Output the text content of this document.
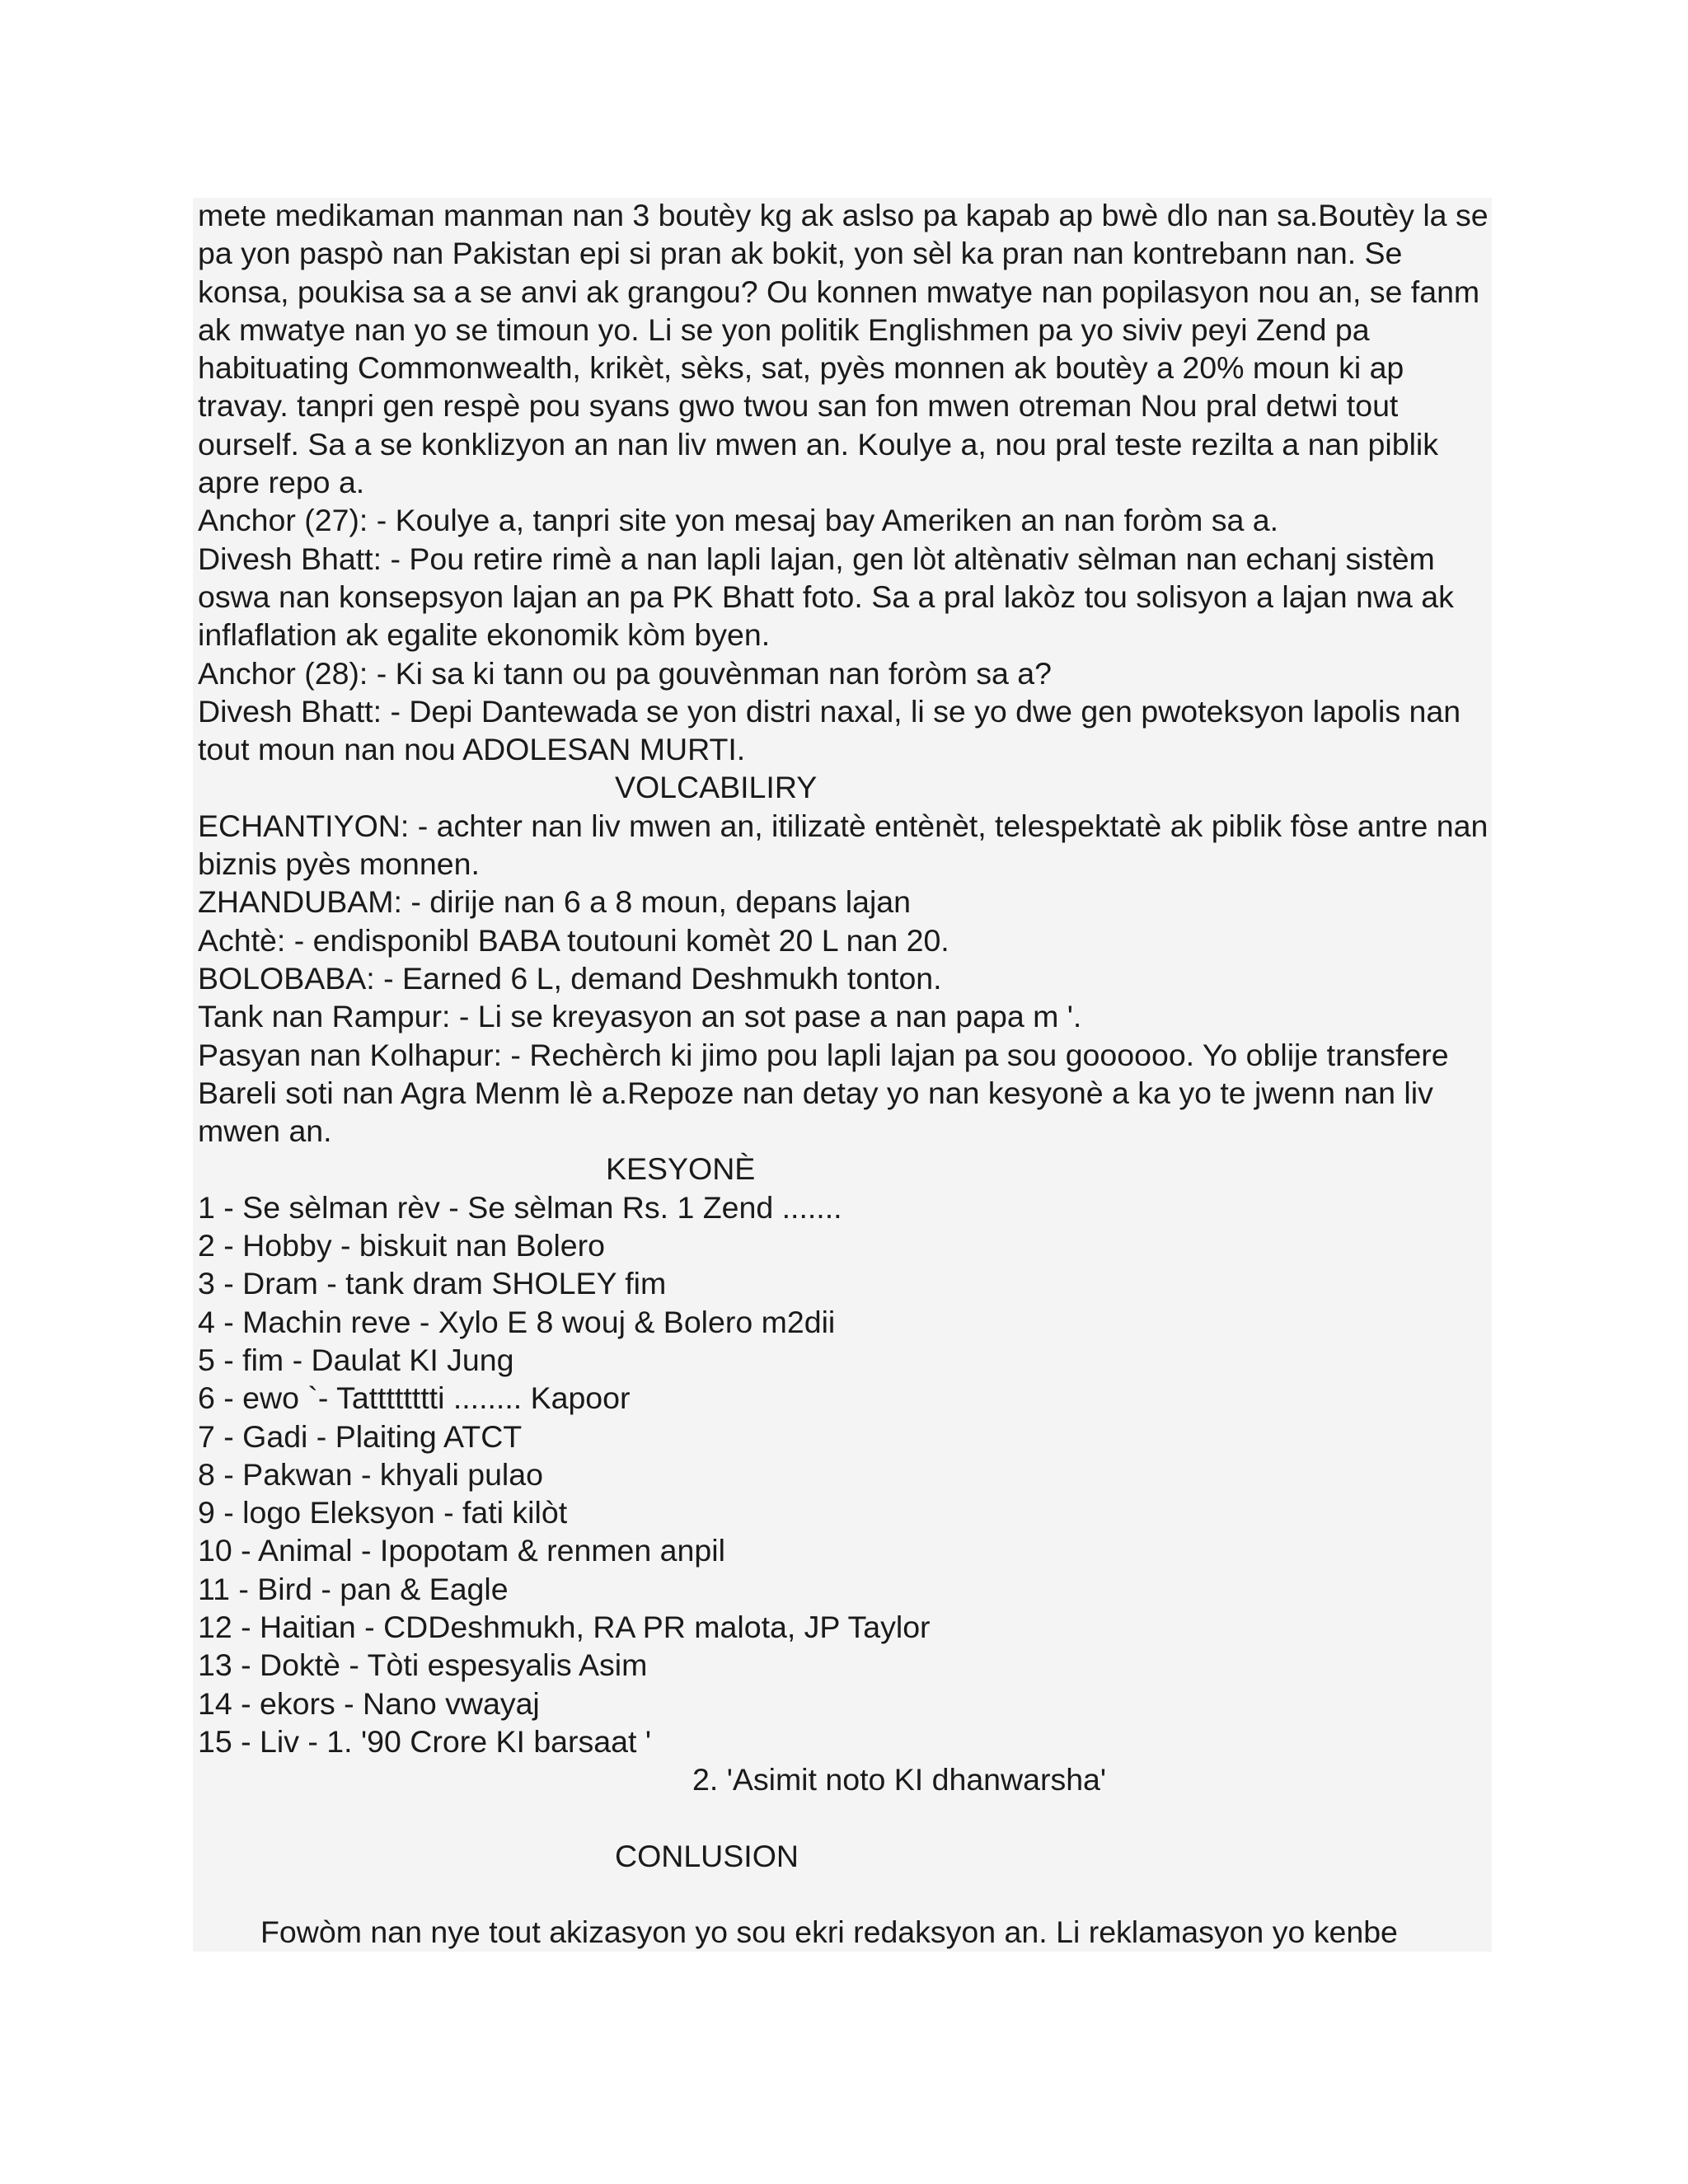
mete medikaman manman nan 3 boutèy kg ak aslso pa kapab ap bwè dlo nan sa.Boutèy la se pa yon paspò nan Pakistan epi si pran ak bokit, yon sèl ka pran nan kontrebann nan. Se konsa, poukisa sa a se anvi ak grangou? Ou konnen mwatye nan popilasyon nou an, se fanm ak mwatye nan yo se timoun yo. Li se yon politik Englishmen pa yo siviv peyi Zend pa habituating Commonwealth, krikèt, sèks, sat, pyès monnen ak boutèy a 20% moun ki ap travay. tanpri gen respè pou syans gwo twou san fon mwen otreman Nou pral detwi tout ourself. Sa a se konklizyon an nan liv mwen an. Koulye a, nou pral teste rezilta a nan piblik apre repo a.

Anchor (27): - Koulye a, tanpri site yon mesaj bay Ameriken an nan foròm sa a.

Divesh Bhatt: - Pou retire rimè a nan lapli lajan, gen lòt altènativ sèlman nan echanj sistèm oswa nan konsepsyon lajan an pa PK Bhatt foto. Sa a pral lakòz tou solisyon a lajan nwa ak inflaflation ak egalite ekonomik kòm byen.

Anchor (28): - Ki sa ki tann ou pa gouvènman nan foròm sa a?

Divesh Bhatt: - Depi Dantewada se yon distri naxal, li se yo dwe gen pwoteksyon lapolis nan tout moun nan nou ADOLESAN MURTI.

VOLCABILIRY

ECHANTIYON: - achter nan liv mwen an, itilizatè entènèt, telespektatè ak piblik fòse antre nan biznis pyès monnen.

ZHANDUBAM: - dirije nan 6 a 8 moun, depans lajan

Achtè: - endisponibl BABA toutouni komèt 20 L nan 20.

BOLOBABA: - Earned 6 L, demand Deshmukh tonton.

Tank nan Rampur: - Li se kreyasyon an sot pase a nan papa m '.

Pasyan nan Kolhapur: - Rechèrch ki jimo pou lapli lajan pa sou goooooo. Yo oblije transfere Bareli soti nan Agra Menm lè a.Repoze nan detay yo nan kesyonè a ka yo te jwenn nan liv mwen an.

KESYONÈ

1 - Se sèlman rèv - Se sèlman Rs. 1 Zend .......

2 - Hobby - biskuit nan Bolero

3 - Dram - tank dram SHOLEY fim

4 - Machin reve - Xylo E 8 wouj & Bolero m2dii

5 - fim - Daulat KI Jung

6 - ewo `- Tatttttttti ........ Kapoor

7 - Gadi - Plaiting ATCT

8 - Pakwan - khyali pulao

9 - logo Eleksyon - fati kilòt

10 - Animal - Ipopotam & renmen anpil

11 - Bird - pan & Eagle

12 - Haitian - CDDeshmukh, RA PR malota, JP Taylor

13 - Doktè - Tòti espesyalis Asim

14 - ekors - Nano vwayaj

15 - Liv - 1. '90 Crore KI barsaat '

2. 'Asimit noto KI dhanwarsha'

CONLUSION

Fowòm nan nye tout akizasyon yo sou ekri redaksyon an. Li reklamasyon yo kenbe
